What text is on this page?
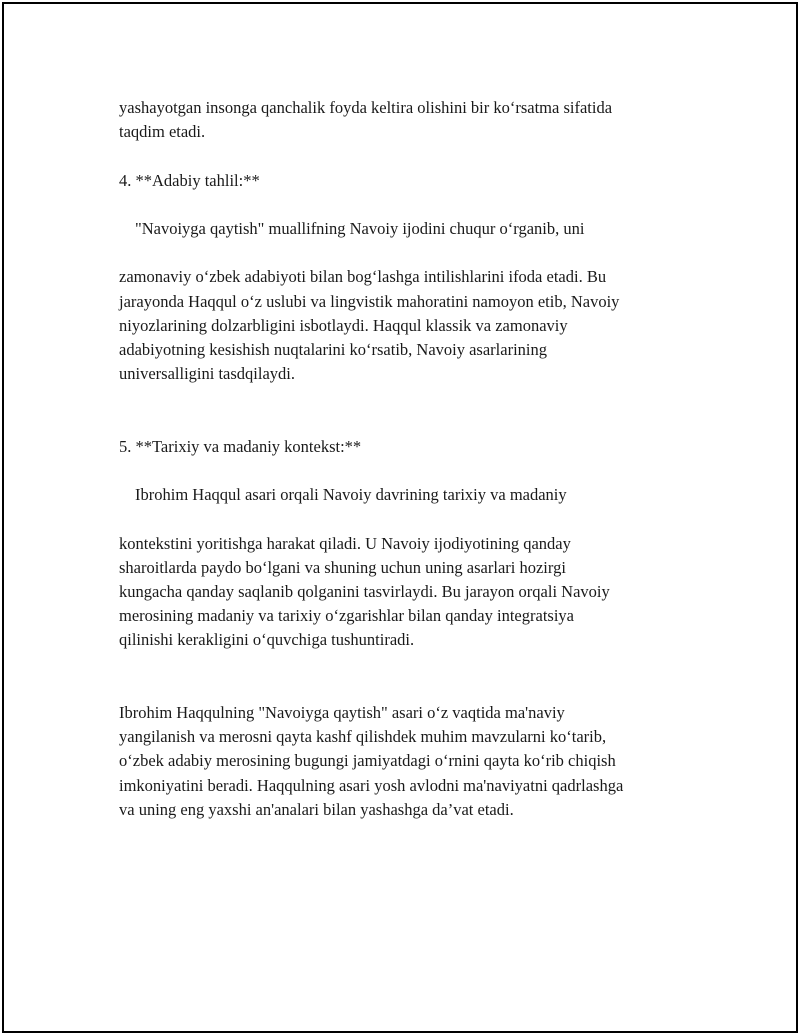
yashayotgan insonga qanchalik foyda keltira olishini bir ko‘rsatma sifatida
taqdim etadi.

4. **Adabiy tahlil:**

"Navoiyga qaytish" muallifning Navoiy ijodini chuqur o‘rganib, uni

zamonaviy o‘zbek adabiyoti bilan bog‘lashga intilishlarini ifoda etadi. Bu
jarayonda Haqqul o‘z uslubi va lingvistik mahoratini namoyon etib, Navoiy
niyozlarining dolzarbligini isbotlaydi. Haqqul klassik va zamonaviy
adabiyotning kesishish nuqtalarini ko‘rsatib, Navoiy asarlarining
universalligini tasdqilaydi.

5. **Tarixiy va madaniy kontekst:**

Ibrohim Haqqul asari orqali Navoiy davrining tarixiy va madaniy

kontekstini yoritishga harakat qiladi. U Navoiy ijodiyotining qanday
sharoitlarda paydo bo‘lgani va shuning uchun uning asarlari hozirgi
kungacha qanday saqlanib qolganini tasvirlaydi. Bu jarayon orqali Navoiy
merosining madaniy va tarixiy o‘zgarishlar bilan qanday integratsiya
qilinishi kerakligini o‘quvchiga tushuntiradi.

Ibrohim Haqqulning "Navoiyga qaytish" asari o‘z vaqtida ma'naviy
yangilanish va merosni qayta kashf qilishdek muhim mavzularni ko‘tarib,
o‘zbek adabiy merosining bugungi jamiyatdagi o‘rnini qayta ko‘rib chiqish
imkoniyatini beradi. Haqqulning asari yosh avlodni ma'naviyatni qadrlashga
va uning eng yaxshi an'analari bilan yashashga da’vat etadi.
